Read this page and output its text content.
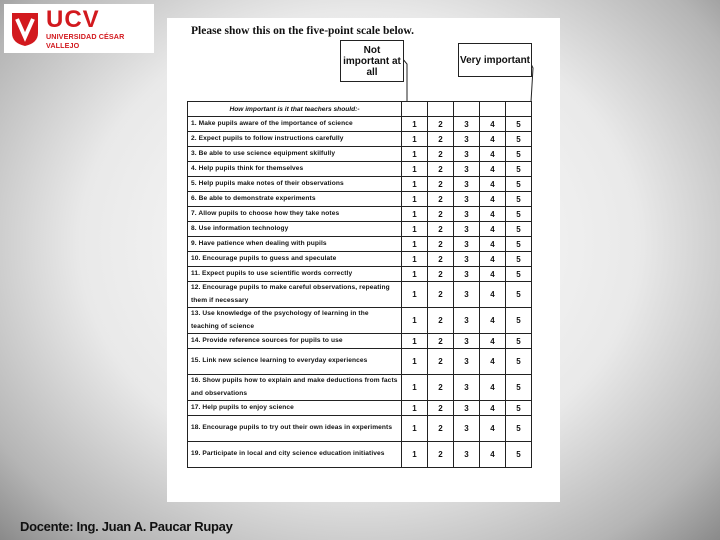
UCV
UNIVERSIDAD CÉSAR VALLEJO
Please show this on the five-point scale below.
Not important at all
Very important
How important is it that teachers should:-					
1. Make pupils aware of the importance of science	1	2	3	4	5
2. Expect pupils to follow instructions carefully	1	2	3	4	5
3. Be able to use science equipment skilfully	1	2	3	4	5
4. Help pupils think for themselves	1	2	3	4	5
5. Help pupils make notes of their observations	1	2	3	4	5
6. Be able to demonstrate experiments	1	2	3	4	5
7. Allow pupils to choose how they take notes	1	2	3	4	5
8. Use information technology	1	2	3	4	5
9. Have patience when dealing with pupils	1	2	3	4	5
10. Encourage pupils to guess and speculate	1	2	3	4	5
11. Expect pupils to use scientific words correctly	1	2	3	4	5
12. Encourage pupils to make careful observations, repeating them if necessary	1	2	3	4	5
13. Use knowledge of the psychology of learning in the teaching of science	1	2	3	4	5
14. Provide reference sources for pupils to use	1	2	3	4	5
15. Link new science learning to everyday experiences	1	2	3	4	5
16. Show pupils how to explain and make deductions from facts and observations	1	2	3	4	5
17. Help pupils to enjoy science	1	2	3	4	5
18. Encourage pupils to try out their own ideas in experiments	1	2	3	4	5
19. Participate in local and city science education initiatives	1	2	3	4	5
Docente: Ing. Juan A. Paucar Rupay
